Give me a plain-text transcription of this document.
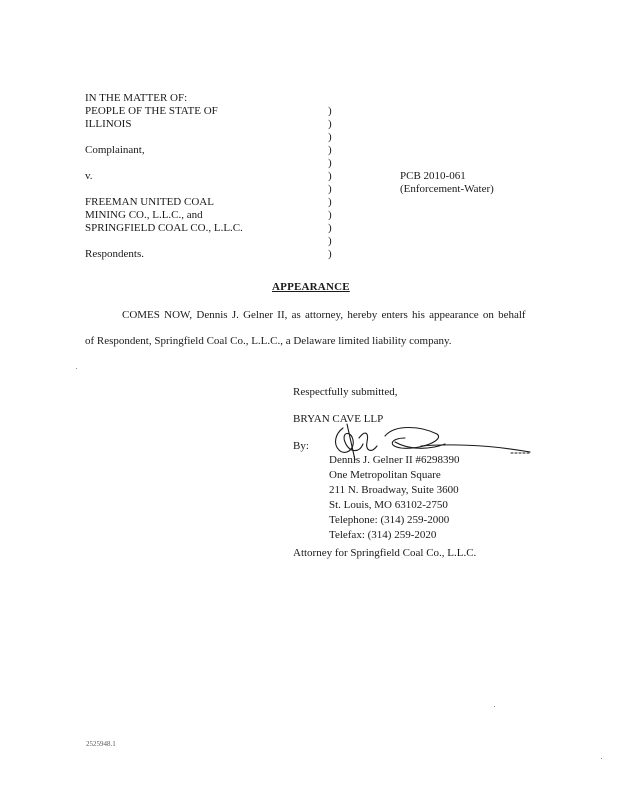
IN THE MATTER OF:
PEOPLE OF THE STATE OF
ILLINOIS
Complainant,
v.
FREEMAN UNITED COAL
MINING CO., L.L.C., and
SPRINGFIELD COAL CO., L.L.C.
Respondents.
)
)
)
)
)
)
)
)
)
)
)
)
PCB 2010-061
(Enforcement-Water)
APPEARANCE
COMES NOW, Dennis J. Gelner II, as attorney, hereby enters his appearance on behalf
of Respondent, Springfield Coal Co., L.L.C., a Delaware limited liability company.
Respectfully submitted,
BRYAN CAVE LLP
By:
Dennis J. Gelner II #6298390
One Metropolitan Square
211 N. Broadway, Suite 3600
St. Louis, MO 63102-2750
Telephone: (314) 259-2000
Telefax: (314) 259-2020
Attorney for Springfield Coal Co., L.L.C.
2525948.1
